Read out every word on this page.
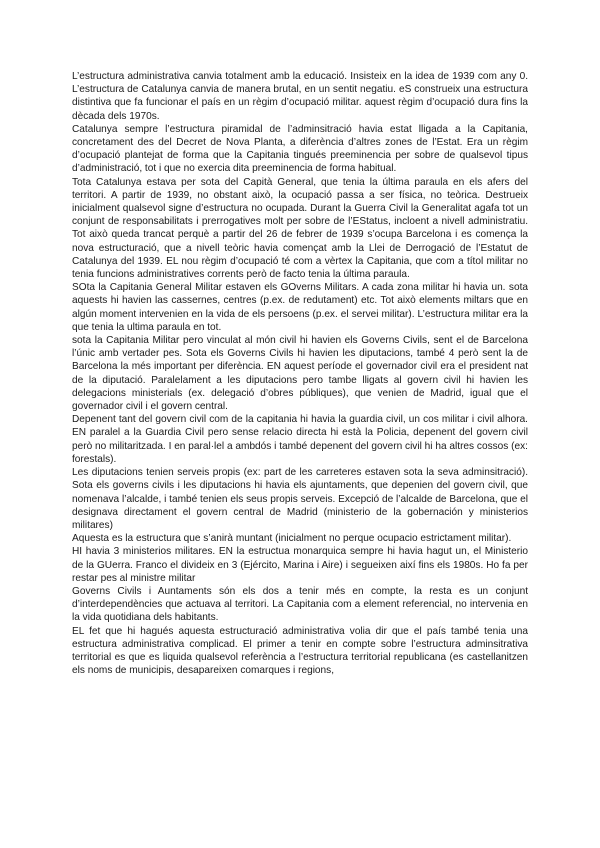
L’estructura administrativa canvia totalment amb la educació. Insisteix en la idea de 1939 com any 0. L’estructura de Catalunya canvia de manera brutal, en un sentit negatiu. eS construeix una estructura distintiva que fa funcionar el país en un règim d’ocupació militar. aquest règim d’ocupació dura fins la dècada dels 1970s.

Catalunya sempre l’estructura piramidal de l’adminsitració havia estat lligada a la Capitania, concretament des del Decret de Nova Planta, a diferència d’altres zones de l’Estat. Era un règim d’ocupació plantejat de forma que la Capitania tingués preeminencia per sobre de qualsevol tipus d’administració, tot i que no exercia dita preeminencia de forma habitual.

Tota Catalunya estava per sota del Capità General, que tenia la última paraula en els afers del territori. A partir de 1939, no obstant això, la ocupació passa a ser física, no teòrica. Destrueix inicialment qualsevol signe d’estructura no ocupada. Durant la Guerra Civil la Generalitat agafa tot un conjunt de responsabilitats i prerrogatives molt per sobre de l’EStatus, incloent a nivell administratiu. Tot això queda trancat perquè a partir del 26 de febrer de 1939 s’ocupa Barcelona i es comença la nova estructuració, que a nivell teòric havia començat amb la Llei de Derrogació de l’Estatut de Catalunya del 1939. EL nou règim d’ocupació té com a vèrtex la Capitania, que com a títol militar no tenia funcions administratives corrents però de facto tenia la última paraula.

SOta la Capitania General Militar estaven els GOverns Militars. A cada zona militar hi havia un. sota aquests hi havien las cassernes, centres (p.ex. de redutament) etc. Tot això elements miltars que en algún moment intervenien en la vida de els persoens (p.ex. el servei militar). L’estructura militar era la que tenia la ultima paraula en tot.

sota la Capitania Militar pero vinculat al món civil hi havien els Governs Civils, sent el de Barcelona l’únic amb vertader pes. Sota els Governs Civils hi havien les diputacions, també 4 però sent la de Barcelona la més important per diferència. EN aquest període el governador civil era el president nat de la diputació. Paralelament a les diputacions pero tambe lligats al govern civil hi havien les delegacions ministerials (ex. delegació d’obres públiques), que venien de Madrid, igual que el governador civil i el govern central.

Depenent tant del govern civil com de la capitania hi havia la guardia civil, un cos militar i civil alhora. EN paralel a la Guardia Civil pero sense relacio directa hi està la Policia, depenent del govern civil però no militaritzada. I en paral·lel a ambdós i també depenent del govern civil hi ha altres cossos (ex: forestals).

Les diputacions tenien serveis propis (ex: part de les carreteres estaven sota la seva adminsitració). Sota els governs civils i les diputacions hi havia els ajuntaments, que depenien del govern civil, que nomenava l’alcalde, i també tenien els seus propis serveis. Excepció de l’alcalde de Barcelona, que el designava directament el govern central de Madrid (ministerio de la gobernación y ministerios militares)

Aquesta es la estructura que s’anirà muntant (inicialment no perque ocupacio estrictament militar).

HI havia 3 ministerios militares. EN la estructua monarquica sempre hi havia hagut un, el Ministerio de la GUerra. Franco el divideix en 3 (Ejército, Marina i Aire) i segueixen així fins els 1980s. Ho fa per restar pes al ministre militar

Governs Civils i Auntaments són els dos a tenir més en compte, la resta es un conjunt d’interdependències que actuava al territori. La Capitania com a element referencial, no intervenia en la vida quotidiana dels habitants.

EL fet que hi hagués aquesta estructuració administrativa volia dir que el país també tenia una estructura administrativa complicad. El primer a tenir en compte sobre l’estructura adminsitrativa territorial es que es liquida qualsevol referència a l’estructura territorial republicana (es castellanitzen els noms de municipis, desapareixen comarques i regions,
